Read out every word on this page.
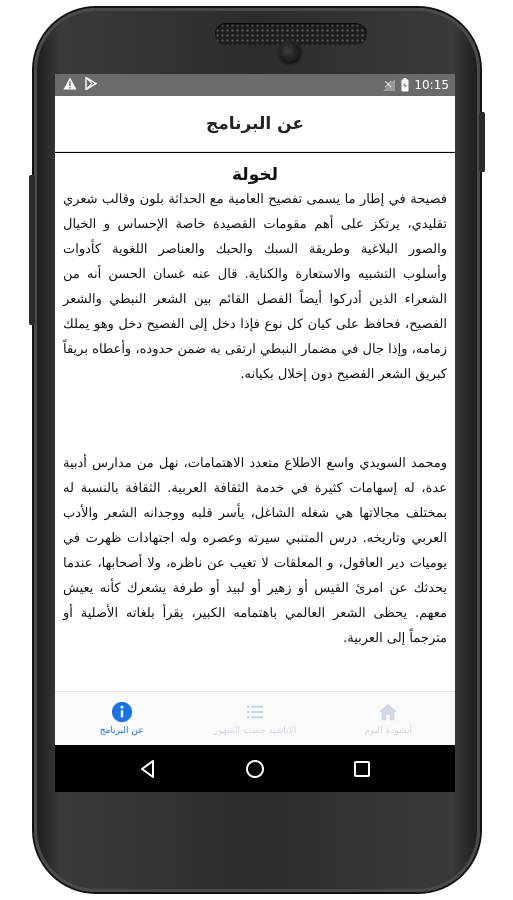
10:15
عن البرنامج
لخولة

فصيحة في إطار ما يسمى تفصيح العامية مع الحداثة بلون وقالب شعري تقليدي، يرتكز على أهم مقومات القصيدة خاصة الإحساس و الخيال والصور البلاغية وطريقة السبك والحبك والعناصر اللغوية كأدوات وأسلوب التشبيه والاستعارة والكناية. قال عنه غسان الحسن أنه من الشعراء الذين أدركوا أيضاً الفصل القائم بين الشعر النبطي والشعر الفصيح، فحافظ على كيان كل نوع فإذا دخل إلى الفصيح دخل وهو يملك زمامه، وإذا جال في مضمار النبطي ارتقى به ضمن حدوده، وأعطاه بريقاً كبريق الشعر الفصيح دون إخلال بكيانه.

ومحمد السويدي واسع الاطلاع متعدد الاهتمامات، نهل من مدارس أدبية عدة، له إسهامات كثيرة في خدمة الثقافة العربية. الثقافة بالنسبة له بمختلف مجالاتها هي شغله الشاغل، يأسر قلبه ووجدانه الشعر والأدب العربي وتاريخه. درس المتنبي سيرته وعصره وله اجتهادات ظهرت في يوميات دير العاقول، و المعلقات لا تغيب عن ناظره، ولا أصحابها، عندما يحدثك عن امرئ القيس أو زهير أو لبيد أو طرفة يشعرك كأنه يعيش معهم. يحظى الشعر العالمي باهتمامه الكبير، يقرأ بلغاته الأصلية أو مترجماً إلى العربية.

عن البرنامج	الاناشيد حسب الشهور	أنشودة اليوم
